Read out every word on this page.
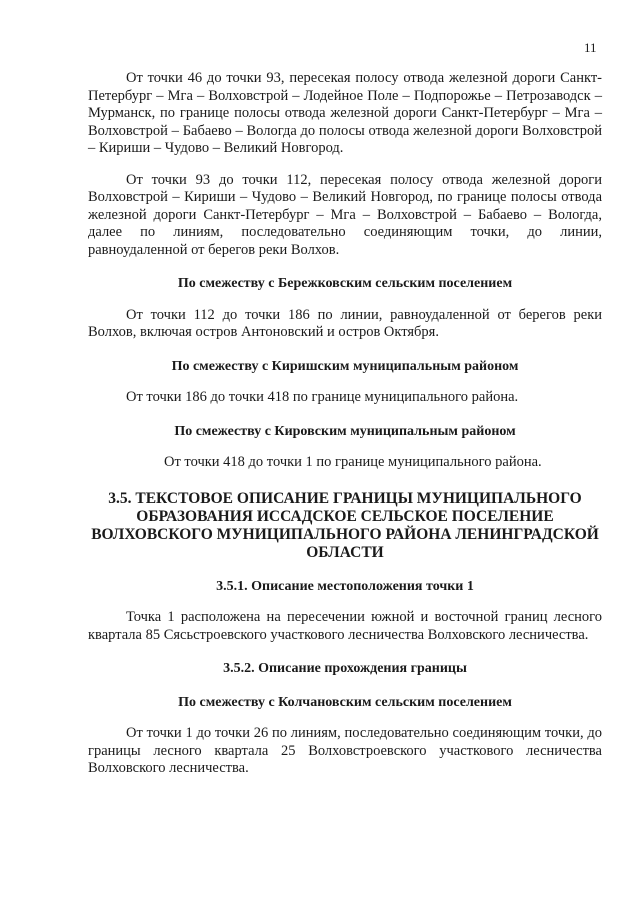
11

От точки 46 до точки 93, пересекая полосу отвода железной дороги Санкт-Петербург – Мга – Волховстрой – Лодейное Поле – Подпорожье – Петрозаводск – Мурманск, по границе полосы отвода железной дороги Санкт-Петербург – Мга – Волховстрой – Бабаево – Вологда до полосы отвода железной дороги Волховстрой – Кириши – Чудово – Великий Новгород.

От точки 93 до точки 112, пересекая полосу отвода железной дороги Волховстрой – Кириши – Чудово – Великий Новгород, по границе полосы отвода железной дороги Санкт-Петербург – Мга – Волховстрой – Бабаево – Вологда, далее по линиям, последовательно соединяющим точки, до линии, равноудаленной от берегов реки Волхов.

По смежеству с Бережковским сельским поселением

От точки 112 до точки 186 по линии, равноудаленной от берегов реки Волхов, включая остров Антоновский и остров Октября.

По смежеству с Киришским муниципальным районом

От точки 186 до точки 418 по границе муниципального района.

По смежеству с Кировским муниципальным районом

От точки 418 до точки 1 по границе муниципального района.

3.5. ТЕКСТОВОЕ ОПИСАНИЕ ГРАНИЦЫ МУНИЦИПАЛЬНОГО ОБРАЗОВАНИЯ ИССАДСКОЕ СЕЛЬСКОЕ ПОСЕЛЕНИЕ ВОЛХОВСКОГО МУНИЦИПАЛЬНОГО РАЙОНА ЛЕНИНГРАДСКОЙ ОБЛАСТИ
3.5.1. Описание местоположения точки 1

Точка 1 расположена на пересечении южной и восточной границ лесного квартала 85 Сясьстроевского участкового лесничества Волховского лесничества.

3.5.2. Описание прохождения границы
По смежеству с Колчановским сельским поселением

От точки 1 до точки 26 по линиям, последовательно соединяющим точки, до границы лесного квартала 25 Волховстроевского участкового лесничества Волховского лесничества.
